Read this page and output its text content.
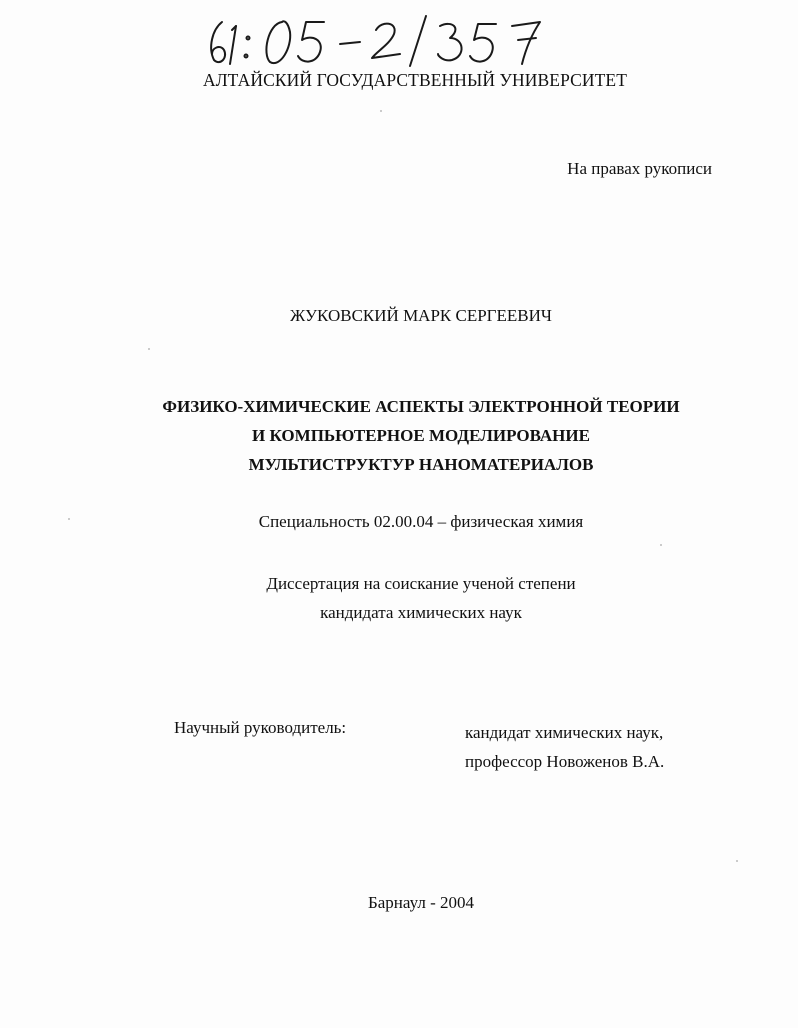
АЛТАЙСКИЙ ГОСУДАРСТВЕННЫЙ УНИВЕРСИТЕТ
На правах рукописи
ЖУКОВСКИЙ МАРК СЕРГЕЕВИЧ
ФИЗИКО-ХИМИЧЕСКИЕ АСПЕКТЫ ЭЛЕКТРОННОЙ ТЕОРИИ
И КОМПЬЮТЕРНОЕ МОДЕЛИРОВАНИЕ
МУЛЬТИСТРУКТУР НАНОМАТЕРИАЛОВ
Специальность 02.00.04 – физическая химия
Диссертация на соискание ученой степени
кандидата химических наук
Научный руководитель:	кандидат химических наук,
профессор Новоженов В.А.
Барнаул - 2004
